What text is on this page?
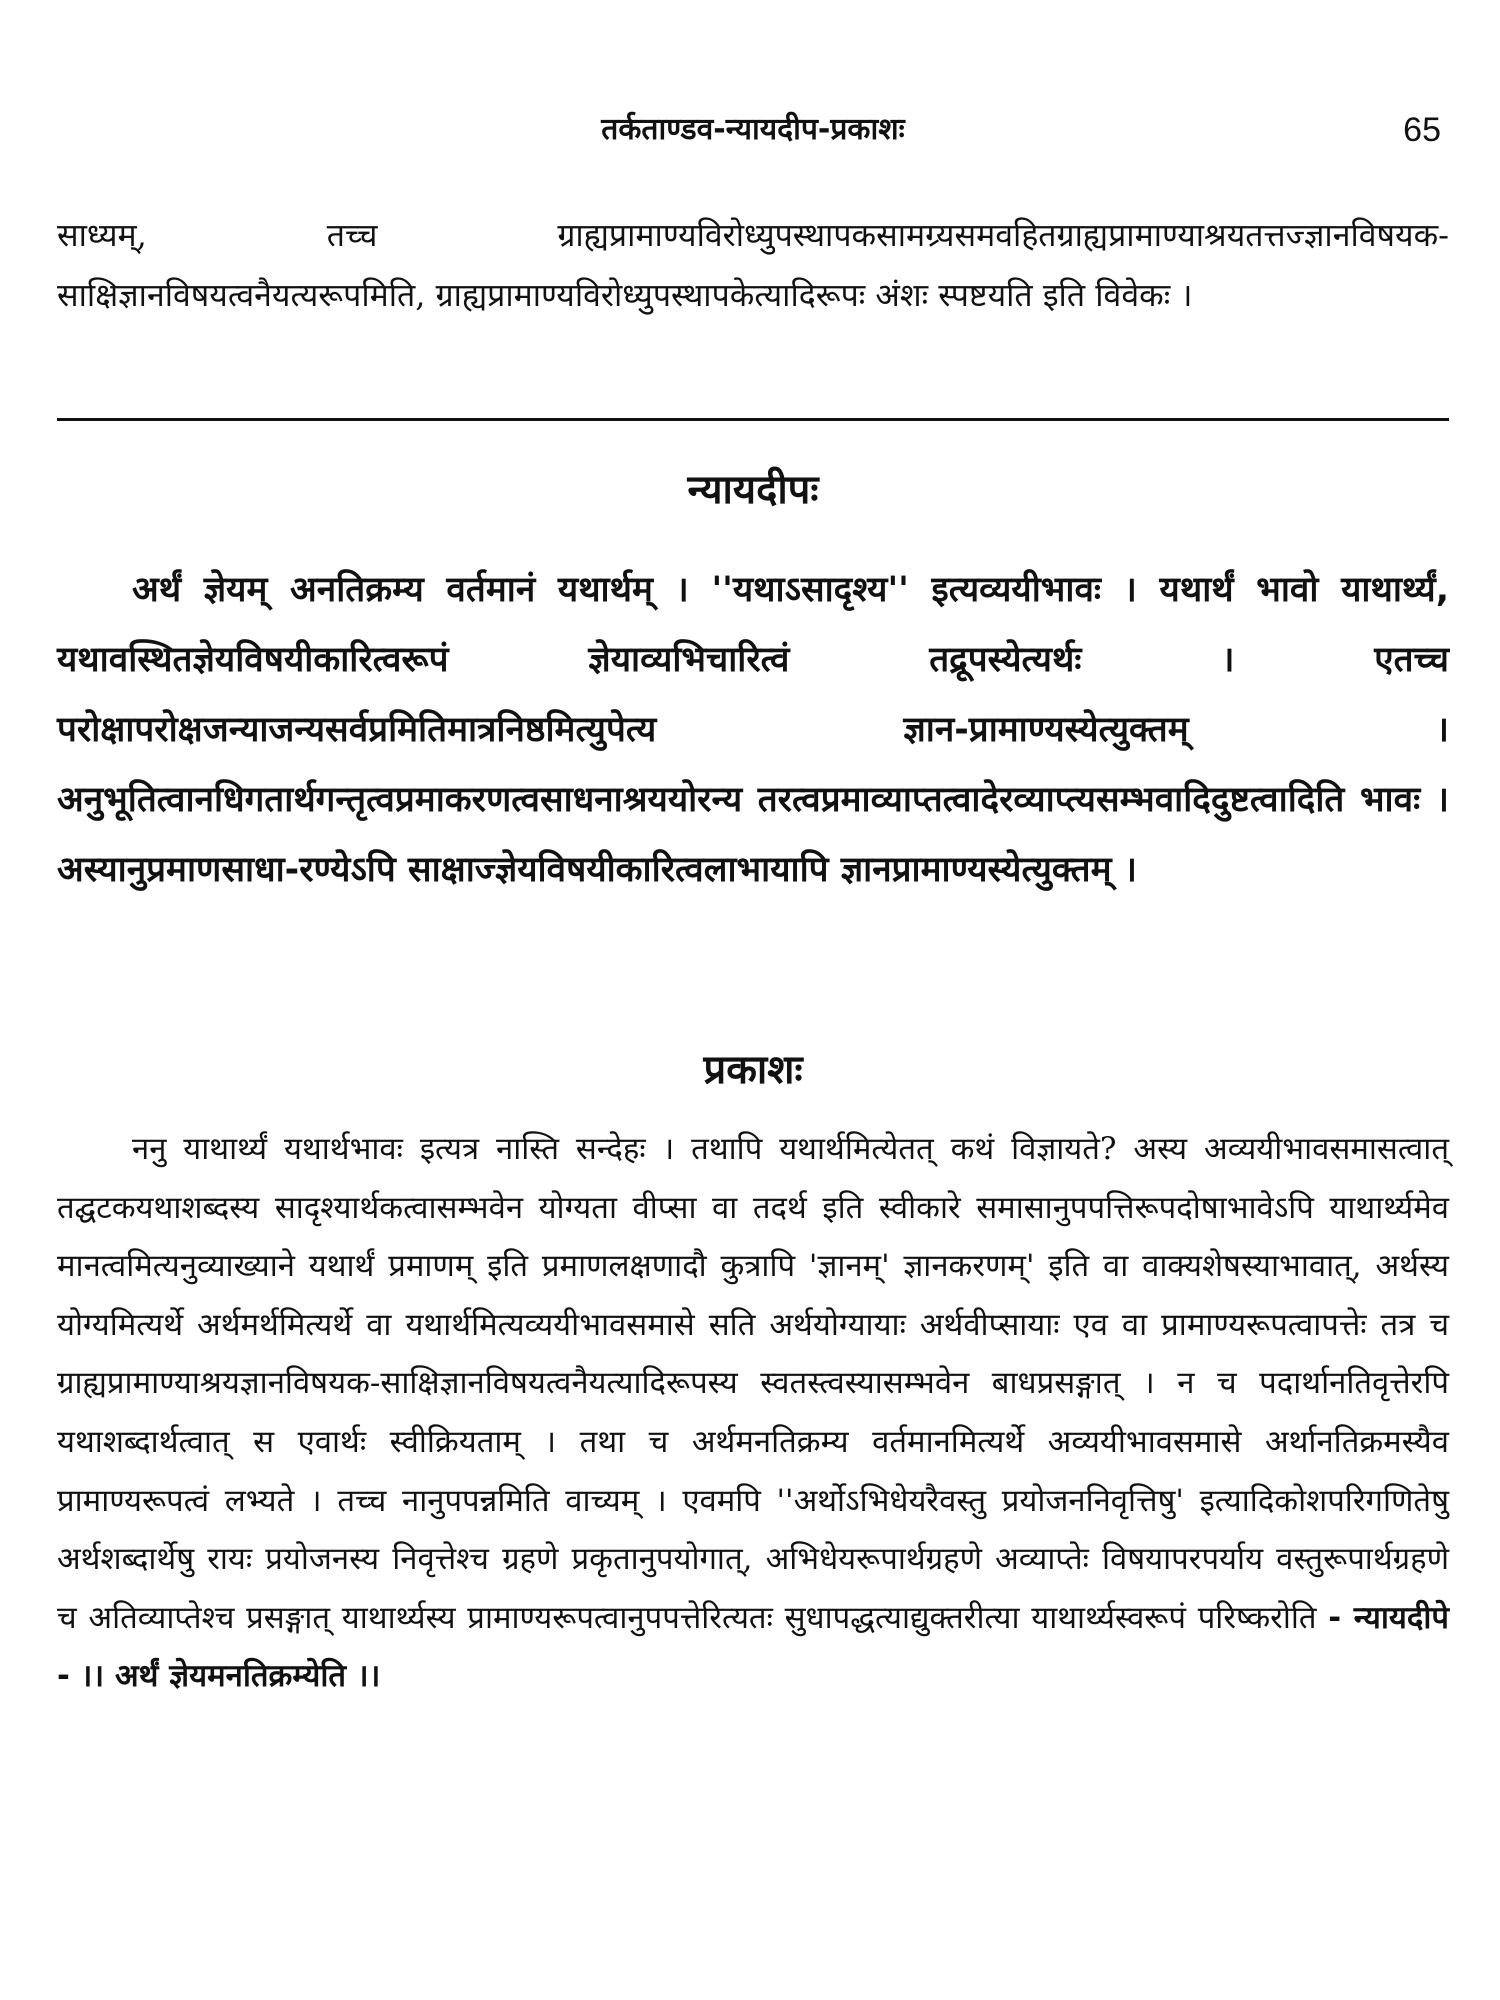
तर्कताण्डव-न्यायदीप-प्रकाशः	65

साध्यम्, तच्च ग्राह्यप्रामाण्यविरोध्युपस्थापकसामग्र्यसमवहितग्राह्यप्रामाण्याश्रयतत्तज्ज्ञानविषयक-साक्षिज्ञानविषयत्वनैयत्यरूपमिति, ग्राह्यप्रामाण्यविरोध्युपस्थापकेत्यादिरूपः अंशः स्पष्टयति इति विवेकः ।

न्यायदीपः

अर्थं ज्ञेयम् अनतिक्रम्य वर्तमानं यथार्थम् । ''यथाऽसादृश्य'' इत्यव्ययीभावः । यथार्थं भावो याथार्थ्यं, यथावस्थितज्ञेयविषयीकारित्वरूपं ज्ञेयाव्यभिचारित्वं तद्रूपस्येत्यर्थः । एतच्च परोक्षापरोक्षजन्याजन्यसर्वप्रमितिमात्रनिष्ठमित्युपेत्य ज्ञान-प्रामाण्यस्येत्युक्तम् । अनुभूतित्वानधिगतार्थगन्तृत्वप्रमाकरणत्वसाधनाश्रययोरन्य तरत्वप्रमाव्याप्तत्वादेरव्याप्त्यसम्भवादिदुष्टत्वादिति भावः । अस्यानुप्रमाणसाधा-रण्येऽपि साक्षाज्ज्ञेयविषयीकारित्वलाभायापि ज्ञानप्रामाण्यस्येत्युक्तम् ।

प्रकाशः

ननु याथार्थ्यं यथार्थभावः इत्यत्र नास्ति सन्देहः । तथापि यथार्थमित्येतत् कथं विज्ञायते? अस्य अव्ययीभावसमासत्वात् तद्घटकयथाशब्दस्य सादृश्यार्थकत्वासम्भवेन योग्यता वीप्सा वा तदर्थ इति स्वीकारे समासानुपपत्तिरूपदोषाभावेऽपि याथार्थ्यमेव मानत्वमित्यनुव्याख्याने यथार्थं प्रमाणम् इति प्रमाणलक्षणादौ कुत्रापि 'ज्ञानम्' ज्ञानकरणम्' इति वा वाक्यशेषस्याभावात्, अर्थस्य योग्यमित्यर्थे अर्थमर्थमित्यर्थे वा यथार्थमित्यव्ययीभावसमासे सति अर्थयोग्यायाः अर्थवीप्सायाः एव वा प्रामाण्यरूपत्वापत्तेः तत्र च ग्राह्यप्रामाण्याश्रयज्ञानविषयक-साक्षिज्ञानविषयत्वनैयत्यादिरूपस्य स्वतस्त्वस्यासम्भवेन बाधप्रसङ्गात् । न च पदार्थानतिवृत्तेरपि यथाशब्दार्थत्वात् स एवार्थः स्वीक्रियताम् । तथा च अर्थमनतिक्रम्य वर्तमानमित्यर्थे अव्ययीभावसमासे अर्थानतिक्रमस्यैव प्रामाण्यरूपत्वं लभ्यते । तच्च नानुपपन्नमिति वाच्यम् । एवमपि ''अर्थोऽभिधेयरैवस्तु प्रयोजननिवृत्तिषु' इत्यादिकोशपरिगणितेषु अर्थशब्दार्थेषु रायः प्रयोजनस्य निवृत्तेश्च ग्रहणे प्रकृतानुपयोगात्, अभिधेयरूपार्थग्रहणे अव्याप्तेः विषयापरपर्याय वस्तुरूपार्थग्रहणे च अतिव्याप्तेश्च प्रसङ्गात् याथार्थ्यस्य प्रामाण्यरूपत्वानुपपत्तेरित्यतः सुधापद्धत्याद्युक्तरीत्या याथार्थ्यस्वरूपं परिष्करोति - न्यायदीपे - ।। अर्थं ज्ञेयमनतिक्रम्येति ।।
